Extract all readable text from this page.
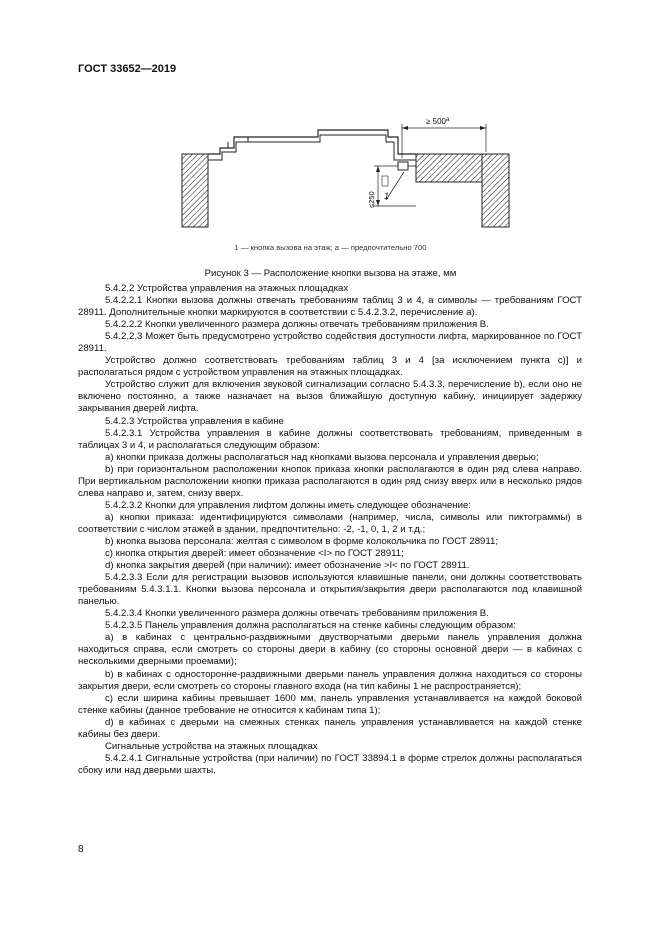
ГОСТ 33652—2019
≥ $500^a$
≤250 1
1 — кнопка вызова на этаж; a — предпочтительно 700
Рисунок 3 — Расположение кнопки вызова на этаже, мм

5.4.2.2 Устройства управления на этажных площадках

5.4.2.2.1 Кнопки вызова должны отвечать требованиям таблиц 3 и 4, а символы — требованиям ГОСТ 28911. Дополнительные кнопки маркируются в соответствии с 5.4.2.3.2, перечисление а).

5.4.2.2.2 Кнопки увеличенного размера должны отвечать требованиям приложения В.

5.4.2.2.3 Может быть предусмотрено устройство содействия доступности лифта, маркированное по ГОСТ 28911.

Устройство должно соответствовать требованиям таблиц 3 и 4 [за исключением пункта с)] и располагаться рядом с устройством управления на этажных площадках.

Устройство служит для включения звуковой сигнализации согласно 5.4.3.3, перечисление b), если оно не включено постоянно, а также назначает на вызов ближайшую доступную кабину, инициирует задержку закрывания дверей лифта.

5.4.2.3 Устройства управления в кабине

5.4.2.3.1 Устройства управления в кабине должны соответствовать требованиям, приведенным в таблицах 3 и 4, и располагаться следующим образом:

а) кнопки приказа должны располагаться над кнопками вызова персонала и управления дверью;

b) при горизонтальном расположении кнопок приказа кнопки располагаются в один ряд слева направо. При вертикальном расположении кнопки приказа располагаются в один ряд снизу вверх или в несколько рядов слева направо и, затем, снизу вверх.

5.4.2.3.2 Кнопки для управления лифтом должны иметь следующее обозначение:

а) кнопки приказа: идентифицируются символами (например, числа, символы или пиктограммы) в соответствии с числом этажей в здании, предпочтительно: -2, -1, 0, 1, 2 и т.д.;

b) кнопка вызова персонала: желтая с символом в форме колокольчика по ГОСТ 28911;

c) кнопка открытия дверей: имеет обозначение <I> по ГОСТ 28911;

d) кнопка закрытия дверей (при наличии): имеет обозначение >I< по ГОСТ 28911.

5.4.2.3.3 Если для регистрации вызовов используются клавишные панели, они должны соответствовать требованиям 5.4.3.1.1. Кнопки вызова персонала и открытия/закрытия двери располагаются под клавишной панелью.

5.4.2.3.4 Кнопки увеличенного размера должны отвечать требованиям приложения В.

5.4.2.3.5 Панель управления должна располагаться на стенке кабины следующим образом:

а) в кабинах с центрально-раздвижными двустворчатыми дверьми панель управления должна находиться справа, если смотреть со стороны двери в кабину (со стороны основной двери — в кабинах с несколькими дверными проемами);

b) в кабинах с односторонне-раздвижными дверьми панель управления должна находиться со стороны закрытия двери, если смотреть со стороны главного входа (на тип кабины 1 не распространяется);

c) если ширина кабины превышает 1600 мм, панель управления устанавливается на каждой боковой стенке кабины (данное требование не относится к кабинам типа 1);

d) в кабинах с дверьми на смежных стенках панель управления устанавливается на каждой стенке кабины без двери.

Сигнальные устройства на этажных площадках

5.4.2.4.1 Сигнальные устройства (при наличии) по ГОСТ 33894.1 в форме стрелок должны располагаться сбоку или над дверьми шахты.

8
